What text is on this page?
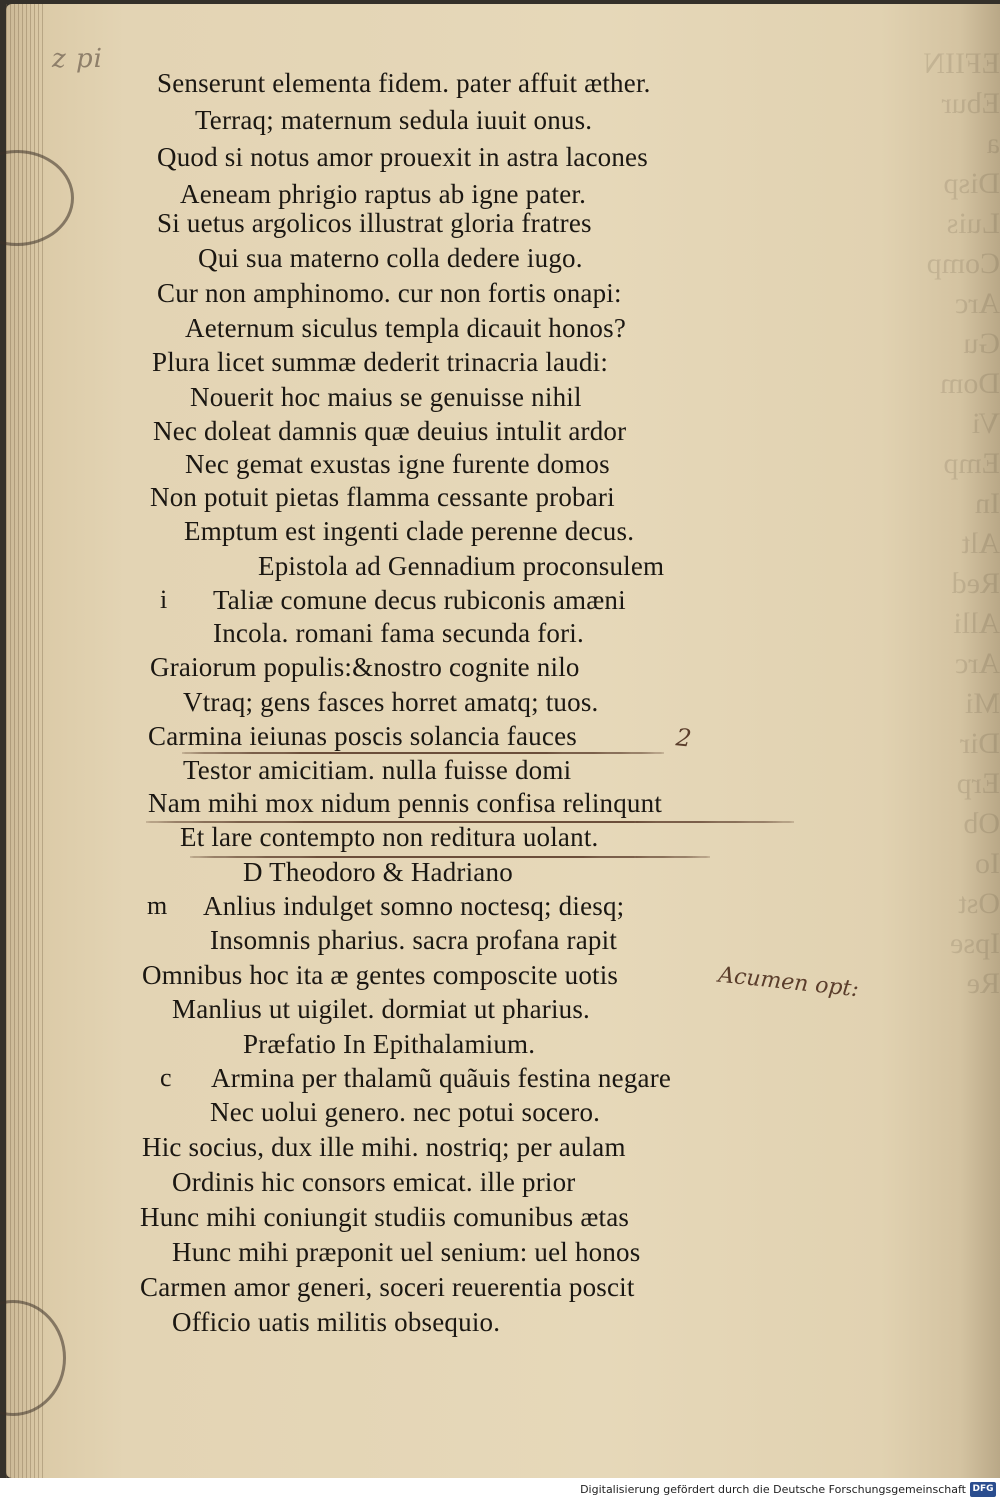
EFIIN
Ebur
a
Disp
Luis
Comp
Arc
Gu
Dom
Vi
Emp
In
Alt
Red
Alli
Arc
Mi
Dir
Erp
Ob
Io
Ost
Ipse
Re
z pi
Senserunt elementa fidem. pater affuit æther.
Terraq; maternum sedula iuuit onus.
Quod si notus amor prouexit in astra lacones
Aeneam phrigio raptus ab igne pater.
Si uetus argolicos illustrat gloria fratres
Qui sua materno colla dedere iugo.
Cur non amphinomo. cur non fortis onapi:
Aeternum siculus templa dicauit honos?
Plura licet summæ dederit trinacria laudi:
Nouerit hoc maius se genuisse nihil
Nec doleat damnis quæ deuius intulit ardor
Nec gemat exustas igne furente domos
Non potuit pietas flamma cessante probari
Emptum est ingenti clade perenne decus.
Epistola ad Gennadium proconsulem
i Taliæ comune decus rubiconis amæni
Incola. romani fama secunda fori.
Graiorum populis:&nostro cognite nilo
Vtraq; gens fasces horret amatq; tuos.
Carmina ieiunas poscis solancia fauces
Testor amicitiam. nulla fuisse domi
Nam mihi mox nidum pennis confisa relinqunt
Et lare contempto non reditura uolant.
D Theodoro & Hadriano
m Anlius indulget somno noctesq; diesq;
Insomnis pharius. sacra profana rapit
Omnibus hoc ita æ gentes composcite uotis
Manlius ut uigilet. dormiat ut pharius.
Præfatio In Epithalamium.
c Armina per thalamũ quãuis festina negare
Nec uolui genero. nec potui socero.
Hic socius, dux ille mihi. nostriq; per aulam
Ordinis hic consors emicat. ille prior
Hunc mihi coniungit studiis comunibus ætas
Hunc mihi præponit uel senium: uel honos
Carmen amor generi, soceri reuerentia poscit
Officio uatis militis obsequio.
2
Acumen opt:
Digitalisierung gefördert durch die Deutsche Forschungsgemeinschaft DFG
